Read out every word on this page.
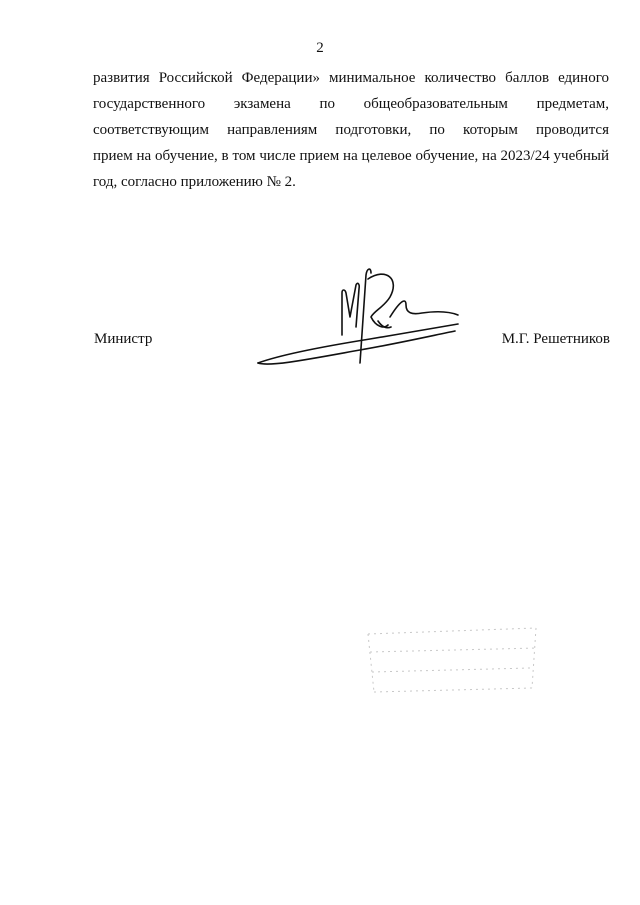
2
развития Российской Федерации» минимальное количество баллов единого
государственного экзамена по общеобразовательным предметам,
соответствующим направлениям подготовки, по которым проводится
прием на обучение, в том числе прием на целевое обучение, на 2023/24 учебный
год, согласно приложению № 2.
Министр	М.Г. Решетников
